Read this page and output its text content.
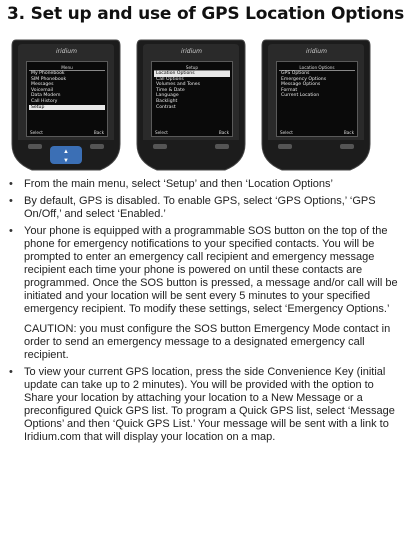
3. Set up and use of GPS Location Options
▲
▼
iridium
Menu
My Phonebook
SIM Phonebook
Messages
Voicemail
Data Modem
Call History
Setup
Select	Back
iridium
Setup
Location Options
Call Options
Volumes and Tones
Time & Date
Language
Backlight
Contrast
Select	Back
iridium
Location Options
GPS Options
Emergency Options
Message Options
Format
Current Location
Select	Back

• From the main menu, select ‘Setup’ and then ‘Location Options’

• By default, GPS is disabled. To enable GPS, select ‘GPS Options,’ ‘GPS On/Off,’ and select ‘Enabled.’

• Your phone is equipped with a programmable SOS button on the top of the phone for emergency notifications to your specified contacts. You will be prompted to enter an emergency call recipient and emergency message recipient each time your phone is powered on until these contacts are programmed. Once the SOS button is pressed, a message and/or call will be initiated and your location will be sent every 5 minutes to your specified emergency recipient. To modify these settings, select ‘Emergency Options.’

CAUTION: you must configure the SOS button Emergency Mode contact in order to send an emergency message to a designated emergency call recipient.

• To view your current GPS location, press the side Convenience Key (initial update can take up to 2 minutes). You will be provided with the option to Share your location by attaching your location to a New Message or a preconfigured Quick GPS list. To program a Quick GPS list, select ‘Message Options’ and then ‘Quick GPS List.’ Your message will be sent with a link to Iridium.com that will display your location on a map.
